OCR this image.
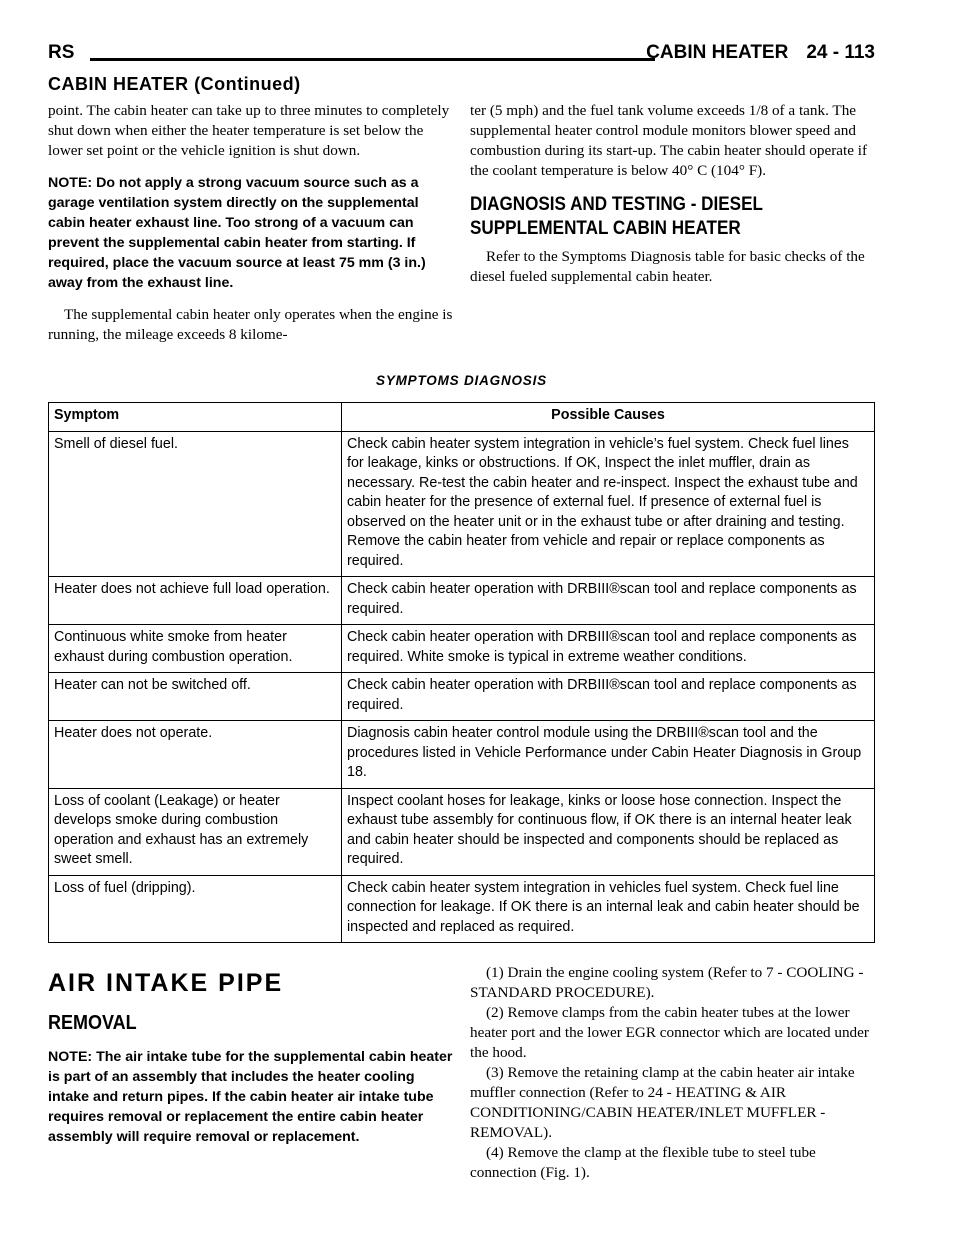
RS	CABIN HEATER 24 - 113
CABIN HEATER (Continued)

point. The cabin heater can take up to three minutes to completely shut down when either the heater temperature is set below the lower set point or the vehicle ignition is shut down.

NOTE: Do not apply a strong vacuum source such as a garage ventilation system directly on the supplemental cabin heater exhaust line. Too strong of a vacuum can prevent the supplemental cabin heater from starting. If required, place the vacuum source at least 75 mm (3 in.) away from the exhaust line.

The supplemental cabin heater only operates when the engine is running, the mileage exceeds 8 kilome-

ter (5 mph) and the fuel tank volume exceeds 1/8 of a tank. The supplemental heater control module monitors blower speed and combustion during its start-up. The cabin heater should operate if the coolant temperature is below 40° C (104° F).

DIAGNOSIS AND TESTING - DIESEL
SUPPLEMENTAL CABIN HEATER

Refer to the Symptoms Diagnosis table for basic checks of the diesel fueled supplemental cabin heater.

SYMPTOMS DIAGNOSIS
Symptom	Possible Causes
Smell of diesel fuel.	Check cabin heater system integration in vehicle’s fuel system. Check fuel lines for leakage, kinks or obstructions. If OK, Inspect the inlet muffler, drain as necessary. Re-test the cabin heater and re-inspect. Inspect the exhaust tube and cabin heater for the presence of external fuel. If presence of external fuel is observed on the heater unit or in the exhaust tube or after draining and testing. Remove the cabin heater from vehicle and repair or replace components as required.
Heater does not achieve full load operation.	Check cabin heater operation with DRBIII®scan tool and replace components as required.
Continuous white smoke from heater exhaust during combustion operation.	Check cabin heater operation with DRBIII®scan tool and replace components as required. White smoke is typical in extreme weather conditions.
Heater can not be switched off.	Check cabin heater operation with DRBIII®scan tool and replace components as required.
Heater does not operate.	Diagnosis cabin heater control module using the DRBIII®scan tool and the procedures listed in Vehicle Performance under Cabin Heater Diagnosis in Group 18.
Loss of coolant (Leakage) or heater develops smoke during combustion operation and exhaust has an extremely sweet smell.	Inspect coolant hoses for leakage, kinks or loose hose connection. Inspect the exhaust tube assembly for continuous flow, if OK there is an internal heater leak and cabin heater should be inspected and components should be replaced as required.
Loss of fuel (dripping).	Check cabin heater system integration in vehicles fuel system. Check fuel line connection for leakage. If OK there is an internal leak and cabin heater should be inspected and replaced as required.
AIR INTAKE PIPE
REMOVAL
NOTE: The air intake tube for the supplemental cabin heater is part of an assembly that includes the heater cooling intake and return pipes. If the cabin heater air intake tube requires removal or replacement the entire cabin heater assembly will require removal or replacement.

(1) Drain the engine cooling system (Refer to 7 - COOLING - STANDARD PROCEDURE).

(2) Remove clamps from the cabin heater tubes at the lower heater port and the lower EGR connector which are located under the hood.

(3) Remove the retaining clamp at the cabin heater air intake muffler connection (Refer to 24 - HEATING & AIR CONDITIONING/CABIN HEATER/INLET MUFFLER - REMOVAL).

(4) Remove the clamp at the flexible tube to steel tube connection (Fig. 1).
